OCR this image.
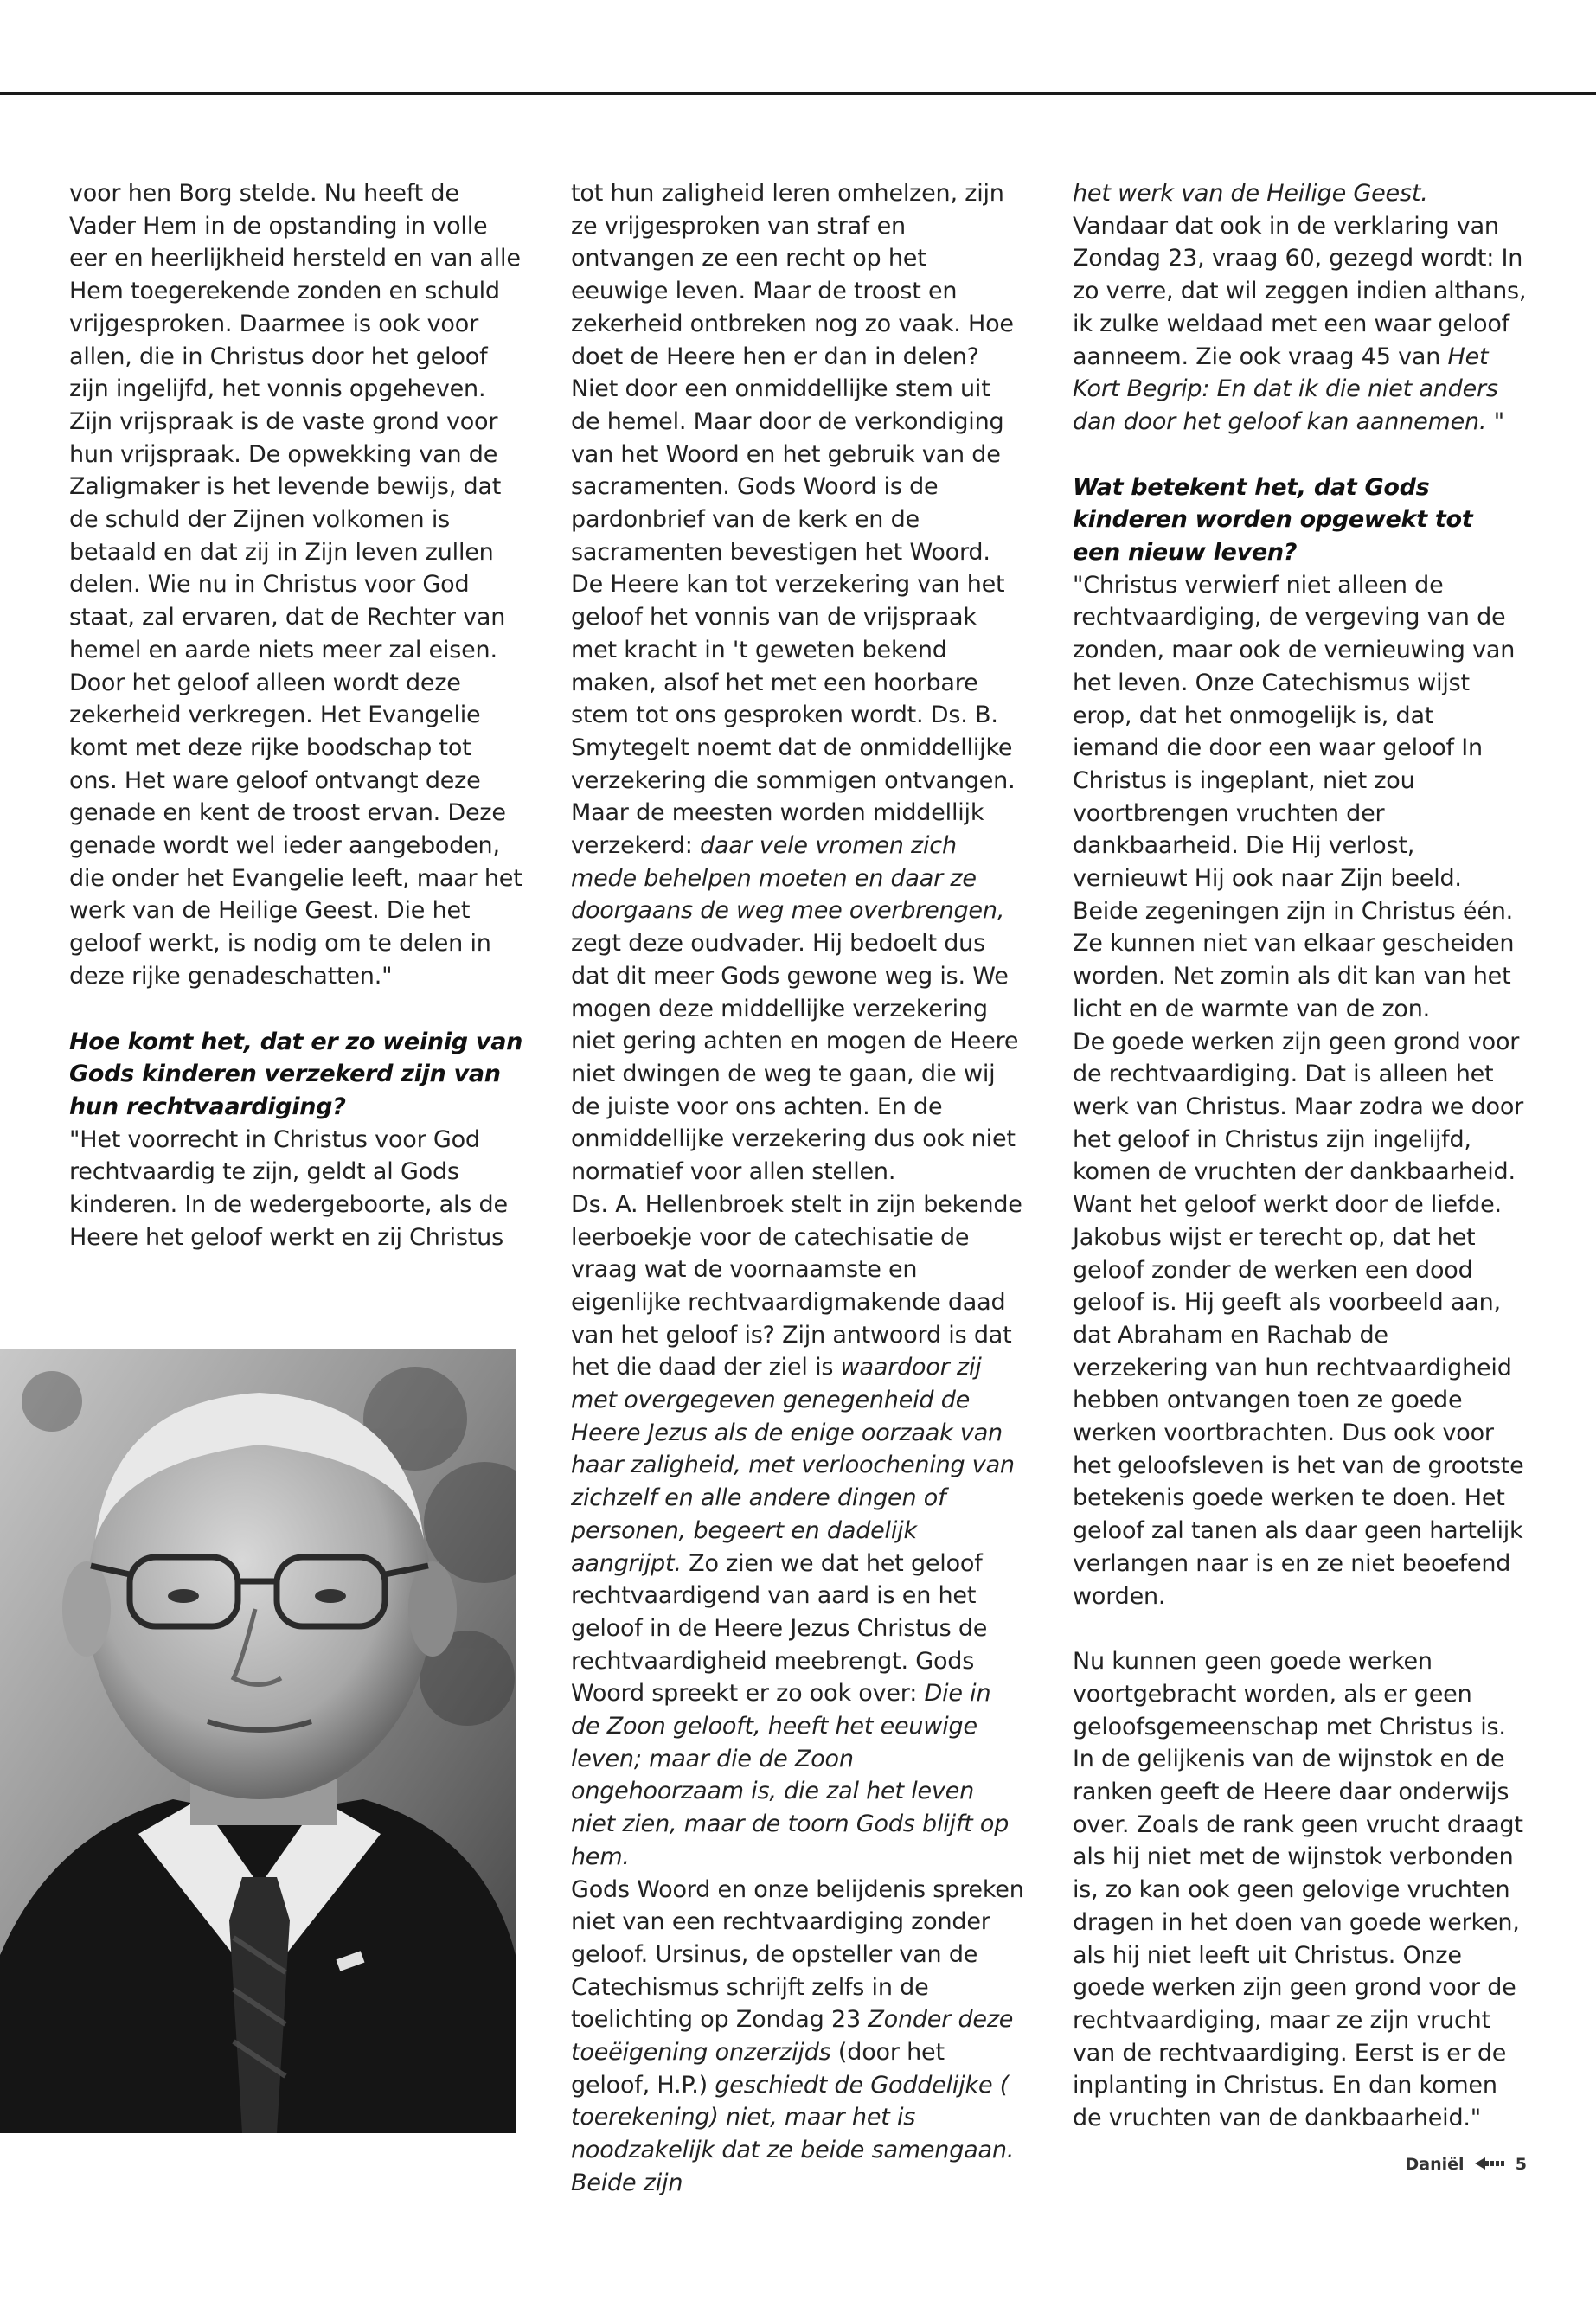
voor hen Borg stelde. Nu heeft de Vader Hem in de opstanding in volle eer en heerlijkheid hersteld en van alle Hem toegerekende zonden en schuld vrijgesproken. Daarmee is ook voor allen, die in Christus door het geloof zijn ingelijfd, het vonnis opgeheven. Zijn vrijspraak is de vaste grond voor hun vrijspraak. De opwekking van de Zaligmaker is het levende bewijs, dat de schuld der Zijnen volkomen is betaald en dat zij in Zijn leven zullen delen. Wie nu in Christus voor God staat, zal ervaren, dat de Rechter van hemel en aarde niets meer zal eisen. Door het geloof alleen wordt deze zekerheid verkregen. Het Evangelie komt met deze rijke boodschap tot ons. Het ware geloof ontvangt deze genade en kent de troost ervan. Deze genade wordt wel ieder aangeboden, die onder het Evangelie leeft, maar het werk van de Heilige Geest. Die het geloof werkt, is nodig om te delen in deze rijke genadeschatten."

Hoe komt het, dat er zo weinig van Gods kinderen verzekerd zijn van hun rechtvaardiging?

"Het voorrecht in Christus voor God rechtvaardig te zijn, geldt al Gods kinderen. In de wedergeboorte, als de Heere het geloof werkt en zij Christus

tot hun zaligheid leren omhelzen, zijn ze vrijgesproken van straf en ontvangen ze een recht op het eeuwige leven. Maar de troost en zekerheid ontbreken nog zo vaak. Hoe doet de Heere hen er dan in delen? Niet door een onmiddellijke stem uit de hemel. Maar door de verkondiging van het Woord en het gebruik van de sacramenten. Gods Woord is de pardonbrief van de kerk en de sacramenten bevestigen het Woord.

De Heere kan tot verzekering van het geloof het vonnis van de vrijspraak met kracht in 't geweten bekend maken, alsof het met een hoorbare stem tot ons gesproken wordt. Ds. B. Smytegelt noemt dat de onmiddellijke verzekering die sommigen ontvangen. Maar de meesten worden middellijk verzekerd: daar vele vromen zich mede behelpen moeten en daar ze doorgaans de weg mee overbrengen, zegt deze oudvader. Hij bedoelt dus dat dit meer Gods gewone weg is. We mogen deze middellijke verzekering niet gering achten en mogen de Heere niet dwingen de weg te gaan, die wij de juiste voor ons achten. En de onmiddellijke verzekering dus ook niet normatief voor allen stellen.

Ds. A. Hellenbroek stelt in zijn bekende leerboekje voor de catechisatie de vraag wat de voornaamste en eigenlijke rechtvaardigmakende daad van het geloof is? Zijn antwoord is dat het die daad der ziel is waardoor zij met overgegeven genegenheid de Heere Jezus als de enige oorzaak van haar zaligheid, met verloochening van zichzelf en alle andere dingen of personen, begeert en dadelijk aangrijpt. Zo zien we dat het geloof rechtvaardigend van aard is en het geloof in de Heere Jezus Christus de rechtvaardigheid meebrengt. Gods Woord spreekt er zo ook over: Die in de Zoon gelooft, heeft het eeuwige leven; maar die de Zoon ongehoorzaam is, die zal het leven niet zien, maar de toorn Gods blijft op hem.

Gods Woord en onze belijdenis spreken niet van een rechtvaardiging zonder geloof. Ursinus, de opsteller van de Catechismus schrijft zelfs in de toelichting op Zondag 23 Zonder deze toeëigening onzerzijds (door het geloof, H.P.) geschiedt de Goddelijke ( toerekening) niet, maar het is noodzakelijk dat ze beide samengaan. Beide zijn

het werk van de Heilige Geest. Vandaar dat ook in de verklaring van Zondag 23, vraag 60, gezegd wordt: In zo verre, dat wil zeggen indien althans, ik zulke weldaad met een waar geloof aanneem. Zie ook vraag 45 van Het Kort Begrip: En dat ik die niet anders dan door het geloof kan aannemen. "

Wat betekent het, dat Gods kinderen worden opgewekt tot een nieuw leven?

"Christus verwierf niet alleen de rechtvaardiging, de vergeving van de zonden, maar ook de vernieuwing van het leven. Onze Catechismus wijst erop, dat het onmogelijk is, dat iemand die door een waar geloof In Christus is ingeplant, niet zou voortbrengen vruchten der dankbaarheid. Die Hij verlost, vernieuwt Hij ook naar Zijn beeld. Beide zegeningen zijn in Christus één. Ze kunnen niet van elkaar gescheiden worden. Net zomin als dit kan van het licht en de warmte van de zon.

De goede werken zijn geen grond voor de rechtvaardiging. Dat is alleen het werk van Christus. Maar zodra we door het geloof in Christus zijn ingelijfd, komen de vruchten der dankbaarheid. Want het geloof werkt door de liefde. Jakobus wijst er terecht op, dat het geloof zonder de werken een dood geloof is. Hij geeft als voorbeeld aan, dat Abraham en Rachab de verzekering van hun rechtvaardigheid hebben ontvangen toen ze goede werken voortbrachten. Dus ook voor het geloofsleven is het van de grootste betekenis goede werken te doen. Het geloof zal tanen als daar geen hartelijk verlangen naar is en ze niet beoefend worden.

Nu kunnen geen goede werken voortgebracht worden, als er geen geloofsgemeenschap met Christus is. In de gelijkenis van de wijnstok en de ranken geeft de Heere daar onderwijs over. Zoals de rank geen vrucht draagt als hij niet met de wijnstok verbonden is, zo kan ook geen gelovige vruchten dragen in het doen van goede werken, als hij niet leeft uit Christus. Onze goede werken zijn geen grond voor de rechtvaardiging, maar ze zijn vrucht van de rechtvaardiging. Eerst is er de inplanting in Christus. En dan komen de vruchten van de dankbaarheid."

Daniël	5
